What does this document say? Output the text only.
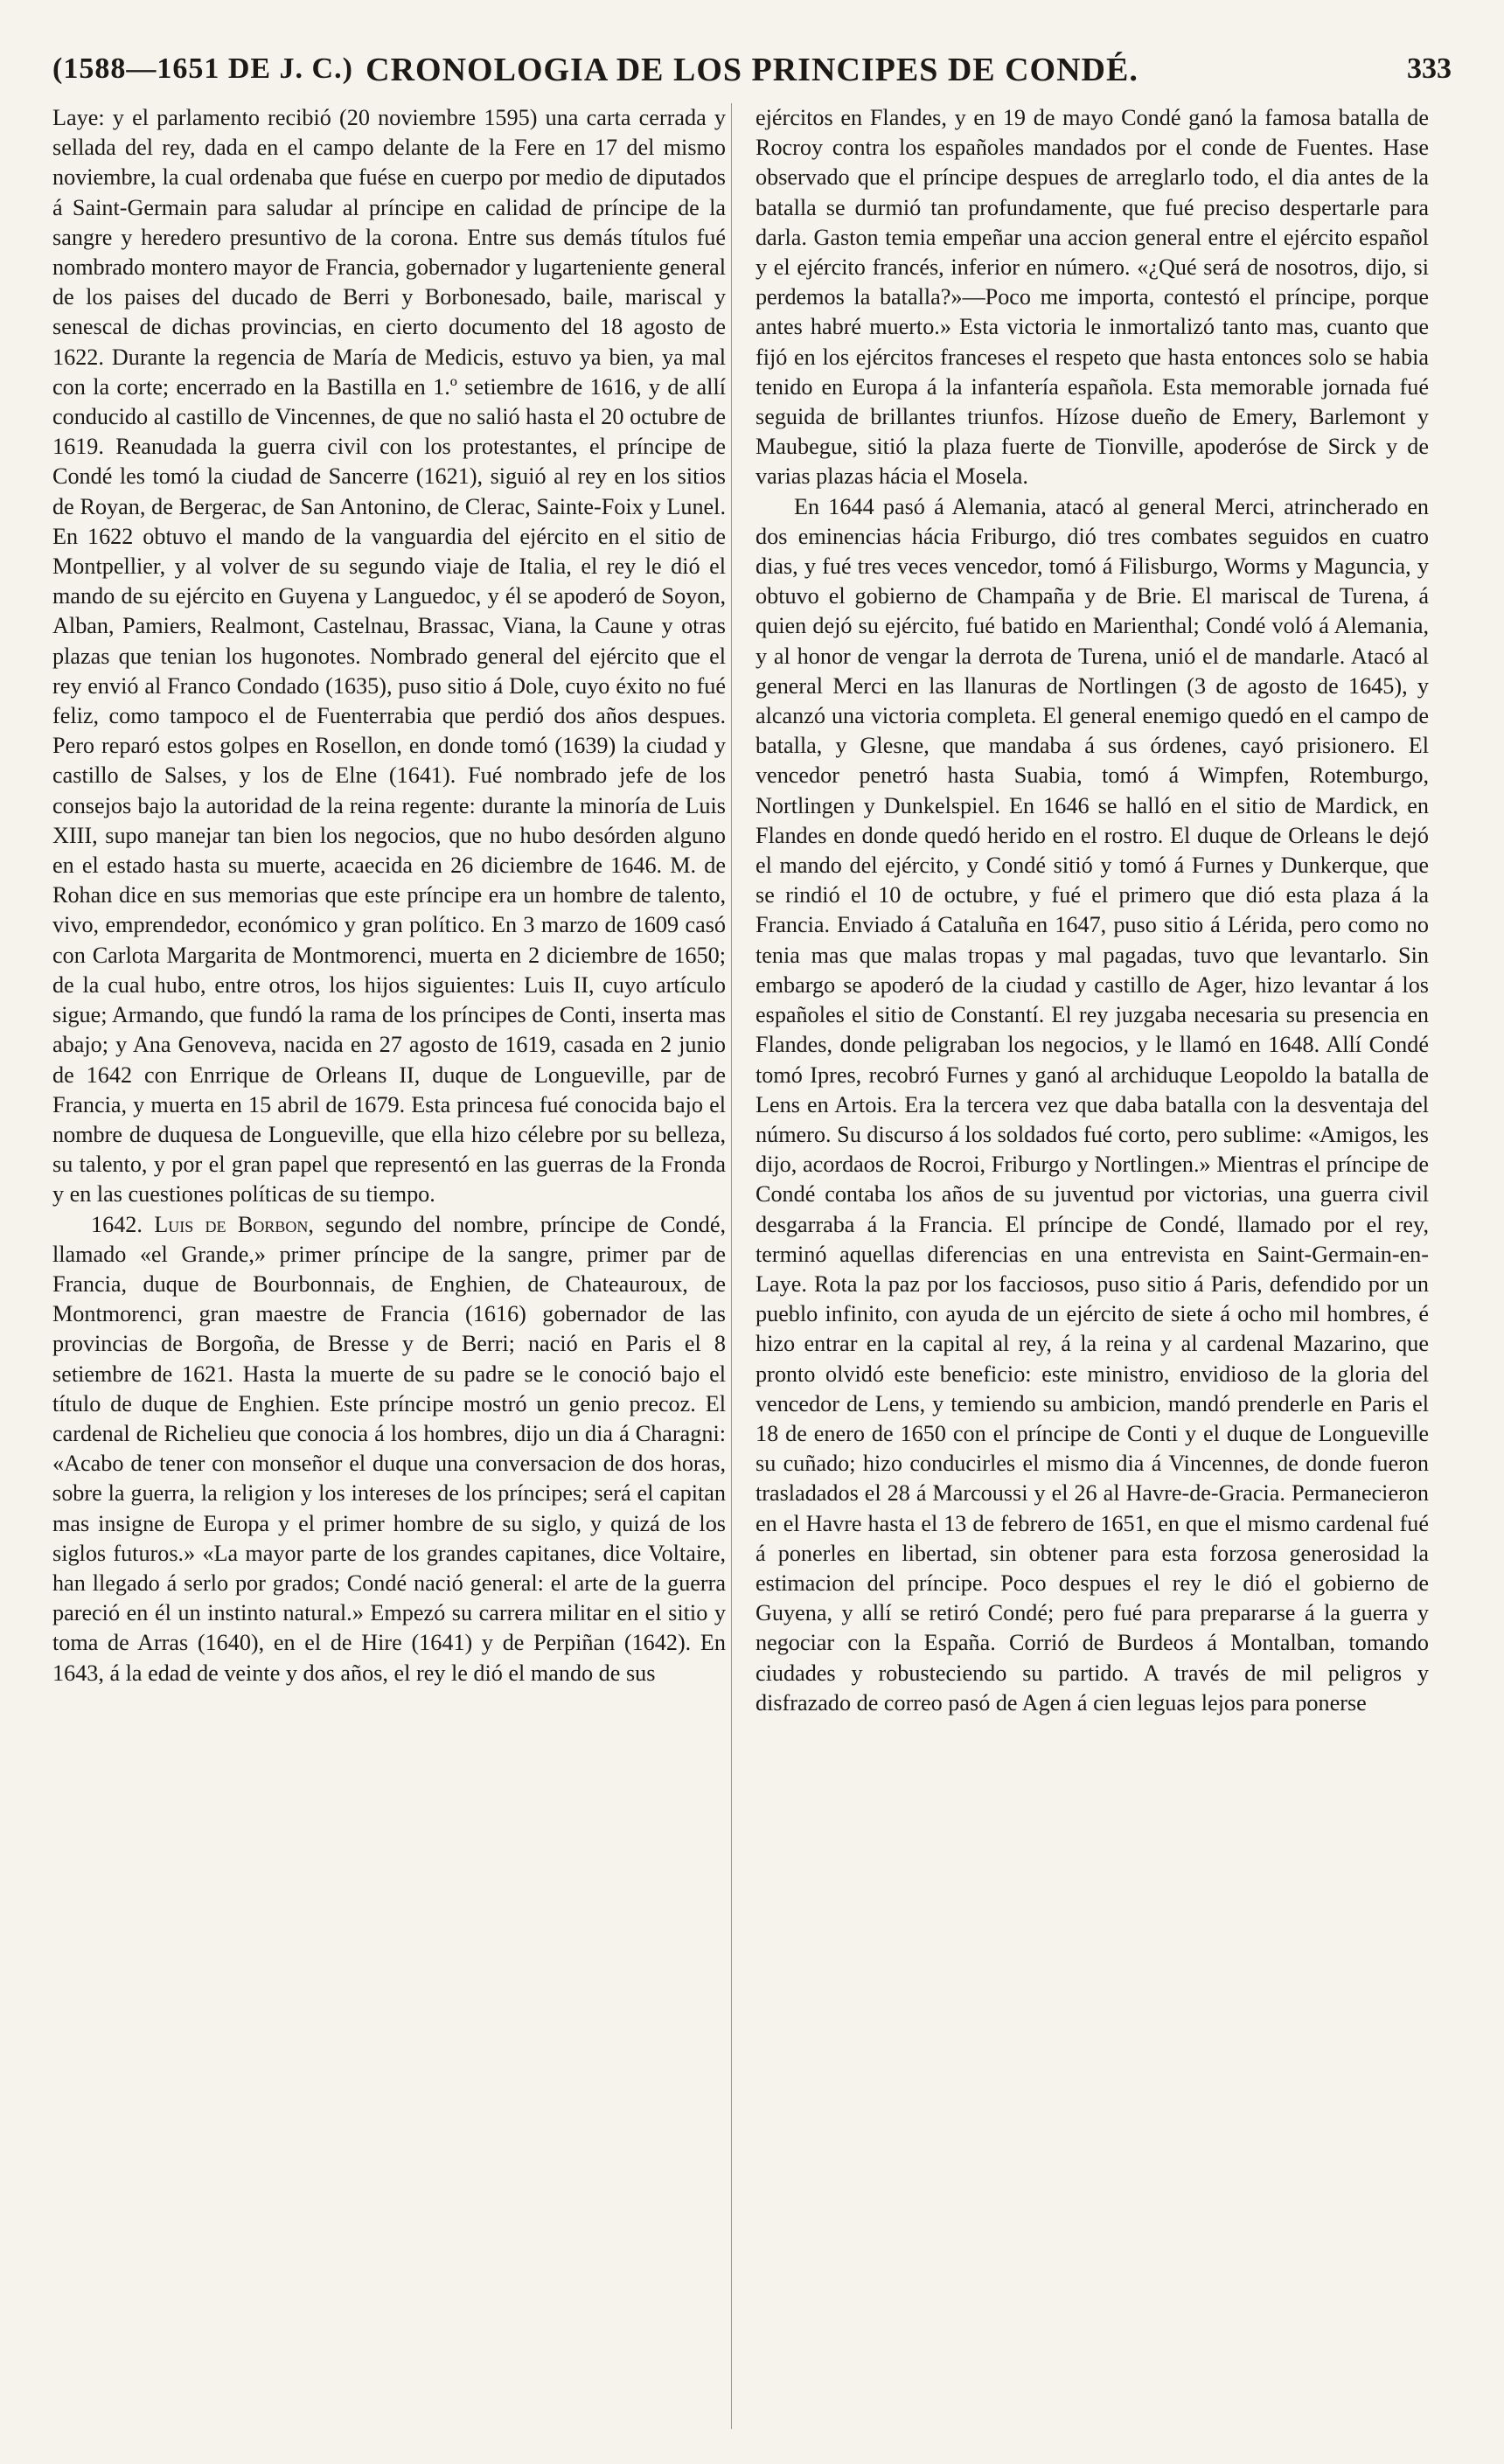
(1588—1651 DE J. C.) CRONOLOGIA DE LOS PRINCIPES DE CONDÉ.	333

Laye: y el parlamento recibió (20 noviembre 1595) una carta cerrada y sellada del rey, dada en el campo delante de la Fere en 17 del mismo noviembre, la cual ordenaba que fuése en cuerpo por medio de diputados á Saint-Germain para saludar al príncipe en calidad de príncipe de la sangre y heredero presuntivo de la corona. Entre sus demás títulos fué nombrado montero mayor de Francia, gobernador y lugarteniente general de los paises del ducado de Berri y Borbonesado, baile, mariscal y senescal de dichas provincias, en cierto documento del 18 agosto de 1622. Durante la regencia de María de Medicis, estuvo ya bien, ya mal con la corte; encerrado en la Bastilla en 1.º setiembre de 1616, y de allí conducido al castillo de Vincennes, de que no salió hasta el 20 octubre de 1619. Reanudada la guerra civil con los protestantes, el príncipe de Condé les tomó la ciudad de Sancerre (1621), siguió al rey en los sitios de Royan, de Bergerac, de San Antonino, de Clerac, Sainte-Foix y Lunel. En 1622 obtuvo el mando de la vanguardia del ejército en el sitio de Montpellier, y al volver de su segundo viaje de Italia, el rey le dió el mando de su ejército en Guyena y Languedoc, y él se apoderó de Soyon, Alban, Pamiers, Realmont, Castelnau, Brassac, Viana, la Caune y otras plazas que tenian los hugonotes. Nombrado general del ejército que el rey envió al Franco Condado (1635), puso sitio á Dole, cuyo éxito no fué feliz, como tampoco el de Fuenterrabia que perdió dos años despues. Pero reparó estos golpes en Rosellon, en donde tomó (1639) la ciudad y castillo de Salses, y los de Elne (1641). Fué nombrado jefe de los consejos bajo la autoridad de la reina regente: durante la minoría de Luis XIII, supo manejar tan bien los negocios, que no hubo desórden alguno en el estado hasta su muerte, acaecida en 26 diciembre de 1646. M. de Rohan dice en sus memorias que este príncipe era un hombre de talento, vivo, emprendedor, económico y gran político. En 3 marzo de 1609 casó con Carlota Margarita de Montmorenci, muerta en 2 diciembre de 1650; de la cual hubo, entre otros, los hijos siguientes: Luis II, cuyo artículo sigue; Armando, que fundó la rama de los príncipes de Conti, inserta mas abajo; y Ana Genoveva, nacida en 27 agosto de 1619, casada en 2 junio de 1642 con Enrrique de Orleans II, duque de Longueville, par de Francia, y muerta en 15 abril de 1679. Esta princesa fué conocida bajo el nombre de duquesa de Longueville, que ella hizo célebre por su belleza, su talento, y por el gran papel que representó en las guerras de la Fronda y en las cuestiones políticas de su tiempo.

1642. Luis de Borbon, segundo del nombre, príncipe de Condé, llamado «el Grande,» primer príncipe de la sangre, primer par de Francia, duque de Bourbonnais, de Enghien, de Chateauroux, de Montmorenci, gran maestre de Francia (1616) gobernador de las provincias de Borgoña, de Bresse y de Berri; nació en Paris el 8 setiembre de 1621. Hasta la muerte de su padre se le conoció bajo el título de duque de Enghien. Este príncipe mostró un genio precoz. El cardenal de Richelieu que conocia á los hombres, dijo un dia á Charagni: «Acabo de tener con monseñor el duque una conversacion de dos horas, sobre la guerra, la religion y los intereses de los príncipes; será el capitan mas insigne de Europa y el primer hombre de su siglo, y quizá de los siglos futuros.» «La mayor parte de los grandes capitanes, dice Voltaire, han llegado á serlo por grados; Condé nació general: el arte de la guerra pareció en él un instinto natural.» Empezó su carrera militar en el sitio y toma de Arras (1640), en el de Hire (1641) y de Perpiñan (1642). En 1643, á la edad de veinte y dos años, el rey le dió el mando de sus

ejércitos en Flandes, y en 19 de mayo Condé ganó la famosa batalla de Rocroy contra los españoles mandados por el conde de Fuentes. Hase observado que el príncipe despues de arreglarlo todo, el dia antes de la batalla se durmió tan profundamente, que fué preciso despertarle para darla. Gaston temia empeñar una accion general entre el ejército español y el ejército francés, inferior en número. «¿Qué será de nosotros, dijo, si perdemos la batalla?»—Poco me importa, contestó el príncipe, porque antes habré muerto.» Esta victoria le inmortalizó tanto mas, cuanto que fijó en los ejércitos franceses el respeto que hasta entonces solo se habia tenido en Europa á la infantería española. Esta memorable jornada fué seguida de brillantes triunfos. Hízose dueño de Emery, Barlemont y Maubegue, sitió la plaza fuerte de Tionville, apoderóse de Sirck y de varias plazas hácia el Mosela.

En 1644 pasó á Alemania, atacó al general Merci, atrincherado en dos eminencias hácia Friburgo, dió tres combates seguidos en cuatro dias, y fué tres veces vencedor, tomó á Filisburgo, Worms y Maguncia, y obtuvo el gobierno de Champaña y de Brie. El mariscal de Turena, á quien dejó su ejército, fué batido en Marienthal; Condé voló á Alemania, y al honor de vengar la derrota de Turena, unió el de mandarle. Atacó al general Merci en las llanuras de Nortlingen (3 de agosto de 1645), y alcanzó una victoria completa. El general enemigo quedó en el campo de batalla, y Glesne, que mandaba á sus órdenes, cayó prisionero. El vencedor penetró hasta Suabia, tomó á Wimpfen, Rotemburgo, Nortlingen y Dunkelspiel. En 1646 se halló en el sitio de Mardick, en Flandes en donde quedó herido en el rostro. El duque de Orleans le dejó el mando del ejército, y Condé sitió y tomó á Furnes y Dunkerque, que se rindió el 10 de octubre, y fué el primero que dió esta plaza á la Francia. Enviado á Cataluña en 1647, puso sitio á Lérida, pero como no tenia mas que malas tropas y mal pagadas, tuvo que levantarlo. Sin embargo se apoderó de la ciudad y castillo de Ager, hizo levantar á los españoles el sitio de Constantí. El rey juzgaba necesaria su presencia en Flandes, donde peligraban los negocios, y le llamó en 1648. Allí Condé tomó Ipres, recobró Furnes y ganó al archiduque Leopoldo la batalla de Lens en Artois. Era la tercera vez que daba batalla con la desventaja del número. Su discurso á los soldados fué corto, pero sublime: «Amigos, les dijo, acordaos de Rocroi, Friburgo y Nortlingen.» Mientras el príncipe de Condé contaba los años de su juventud por victorias, una guerra civil desgarraba á la Francia. El príncipe de Condé, llamado por el rey, terminó aquellas diferencias en una entrevista en Saint-Germain-en-Laye. Rota la paz por los facciosos, puso sitio á Paris, defendido por un pueblo infinito, con ayuda de un ejército de siete á ocho mil hombres, é hizo entrar en la capital al rey, á la reina y al cardenal Mazarino, que pronto olvidó este beneficio: este ministro, envidioso de la gloria del vencedor de Lens, y temiendo su ambicion, mandó prenderle en Paris el 18 de enero de 1650 con el príncipe de Conti y el duque de Longueville su cuñado; hizo conducirles el mismo dia á Vincennes, de donde fueron trasladados el 28 á Marcoussi y el 26 al Havre-de-Gracia. Permanecieron en el Havre hasta el 13 de febrero de 1651, en que el mismo cardenal fué á ponerles en libertad, sin obtener para esta forzosa generosidad la estimacion del príncipe. Poco despues el rey le dió el gobierno de Guyena, y allí se retiró Condé; pero fué para prepararse á la guerra y negociar con la España. Corrió de Burdeos á Montalban, tomando ciudades y robusteciendo su partido. A través de mil peligros y disfrazado de correo pasó de Agen á cien leguas lejos para ponerse
